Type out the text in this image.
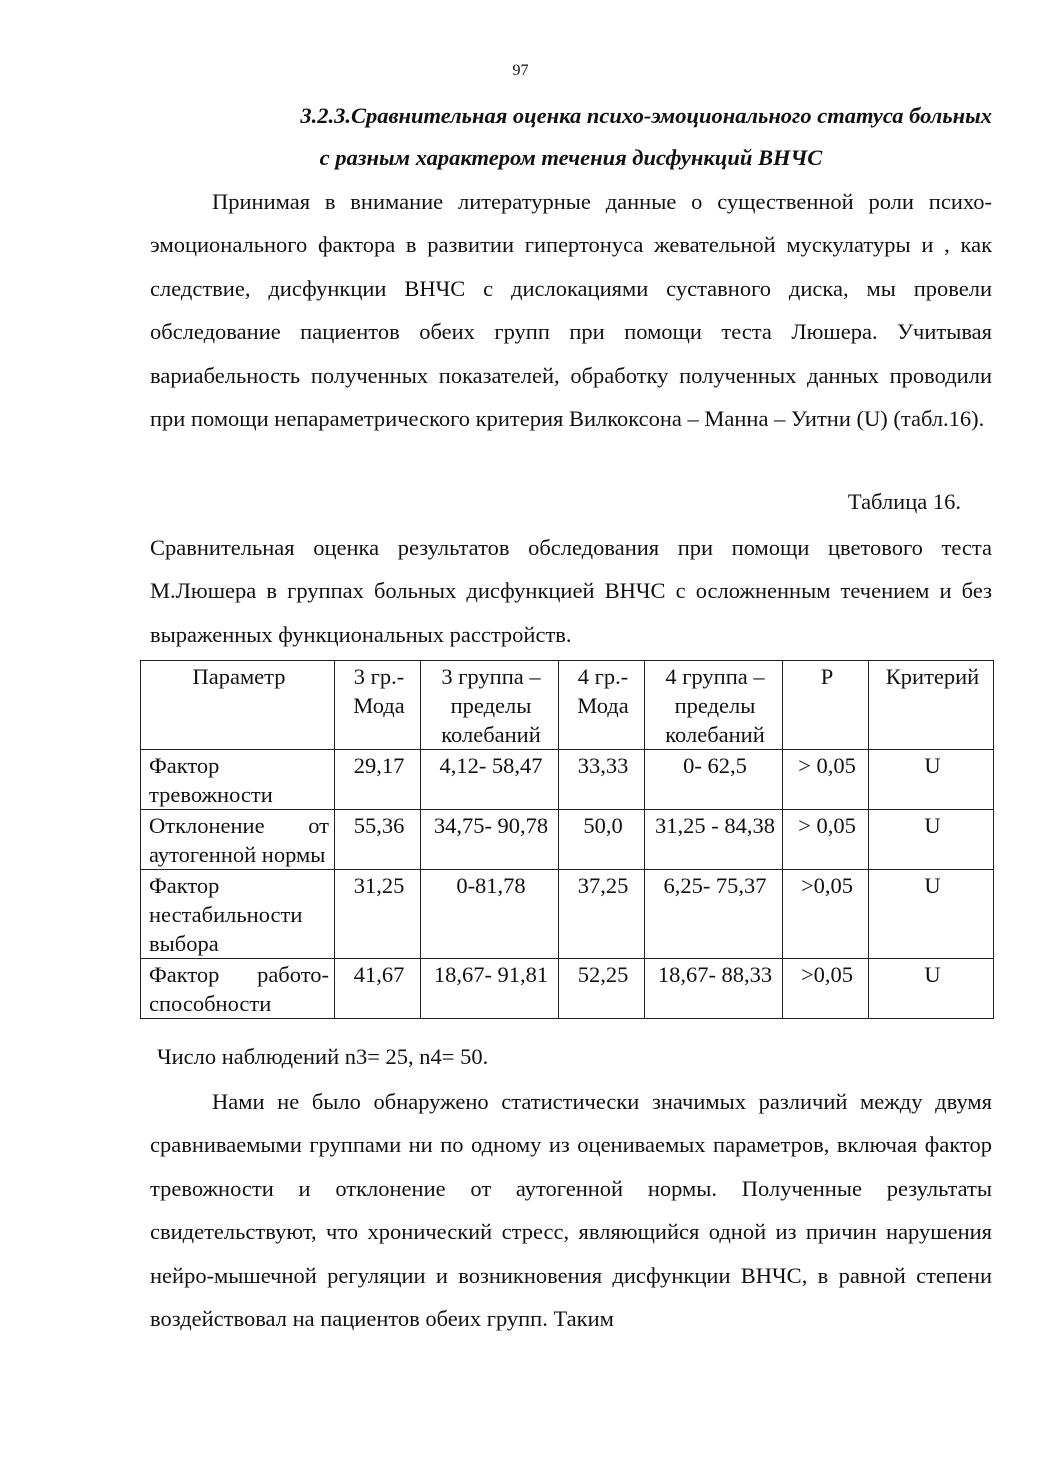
97
3.2.3.Сравнительная оценка психо-эмоционального статуса больных
с разным характером течения дисфункций ВНЧС

Принимая в внимание литературные данные о существенной роли психо- эмоционального фактора в развитии гипертонуса жевательной мускулатуры и , как следствие, дисфункции ВНЧС с дислокациями суставного диска, мы провели обследование пациентов обеих групп при помощи теста Люшера. Учитывая вариабельность полученных показателей, обработку полученных данных проводили при помощи непараметрического критерия Вилкоксона – Манна – Уитни (U) (табл.16).

Таблица 16.

Сравнительная оценка результатов обследования при помощи цветового теста М.Люшера в группах больных дисфункцией ВНЧС с осложненным течением и без выраженных функциональных расстройств.

Параметр	3 гр.- Мода	3 группа – пределы колебаний	4 гр.- Мода	4 группа – пределы колебаний	P	Критерий
Фактор тревожности	29,17	4,12- 58,47	33,33	0- 62,5	> 0,05	U
Отклонение от аутогенной нормы	55,36	34,75- 90,78	50,0	31,25 - 84,38	> 0,05	U
Фактор нестабильности выбора	31,25	0-81,78	37,25	6,25- 75,37	>0,05	U
Фактор работо- способности	41,67	18,67- 91,81	52,25	18,67- 88,33	>0,05	U
Число наблюдений n3= 25, n4= 50.

Нами не было обнаружено статистически значимых различий между двумя сравниваемыми группами ни по одному из оцениваемых параметров, включая фактор тревожности и отклонение от аутогенной нормы. Полученные результаты свидетельствуют, что хронический стресс, являющийся одной из причин нарушения нейро-мышечной регуляции и возникновения дисфункции ВНЧС, в равной степени воздействовал на пациентов обеих групп. Таким
